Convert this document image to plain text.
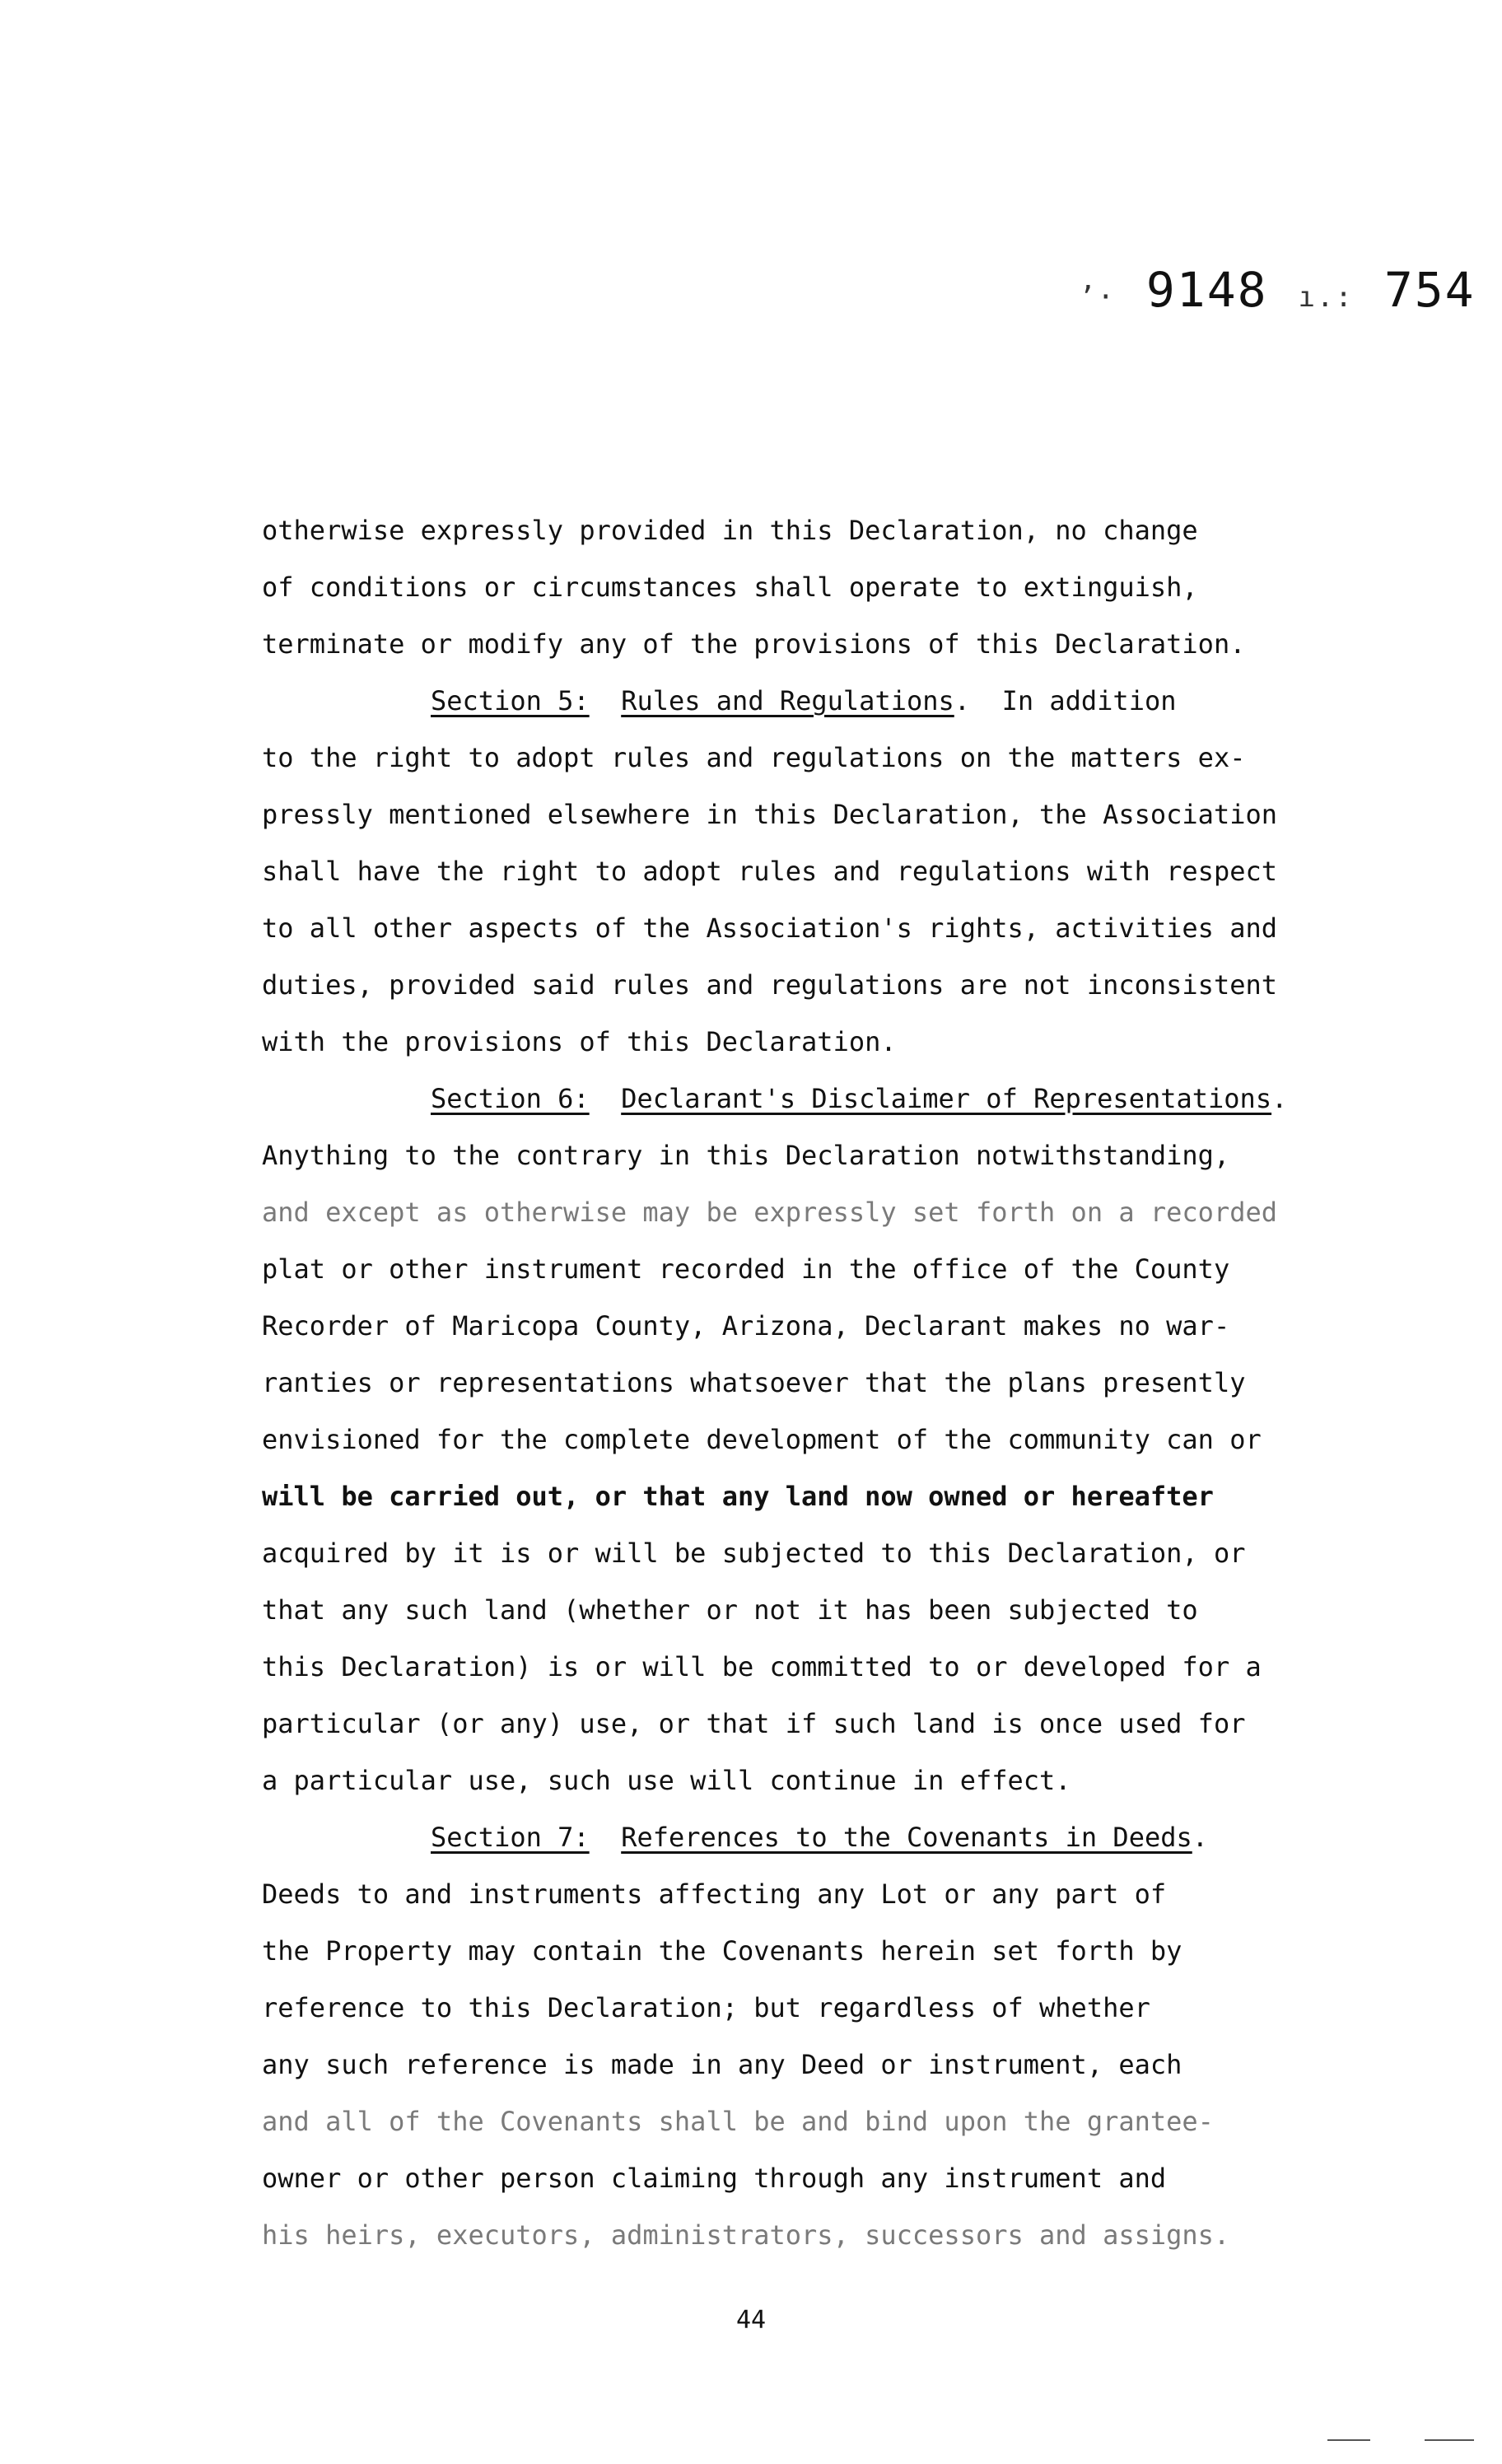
’· 9148 ı.: 754
otherwise expressly provided in this Declaration, no change
of conditions or circumstances shall operate to extinguish,
terminate or modify any of the provisions of this Declaration.
Section 5: Rules and Regulations. In addition
to the right to adopt rules and regulations on the matters ex-
pressly mentioned elsewhere in this Declaration, the Association
shall have the right to adopt rules and regulations with respect
to all other aspects of the Association's rights, activities and
duties, provided said rules and regulations are not inconsistent
with the provisions of this Declaration.
Section 6: Declarant's Disclaimer of Representations.
Anything to the contrary in this Declaration notwithstanding,
and except as otherwise may be expressly set forth on a recorded
plat or other instrument recorded in the office of the County
Recorder of Maricopa County, Arizona, Declarant makes no war-
ranties or representations whatsoever that the plans presently
envisioned for the complete development of the community can or
will be carried out, or that any land now owned or hereafter
acquired by it is or will be subjected to this Declaration, or
that any such land (whether or not it has been subjected to
this Declaration) is or will be committed to or developed for a
particular (or any) use, or that if such land is once used for
a particular use, such use will continue in effect.
Section 7: References to the Covenants in Deeds.
Deeds to and instruments affecting any Lot or any part of
the Property may contain the Covenants herein set forth by
reference to this Declaration; but regardless of whether
any such reference is made in any Deed or instrument, each
and all of the Covenants shall be and bind upon the grantee-
owner or other person claiming through any instrument and
his heirs, executors, administrators, successors and assigns.
44
